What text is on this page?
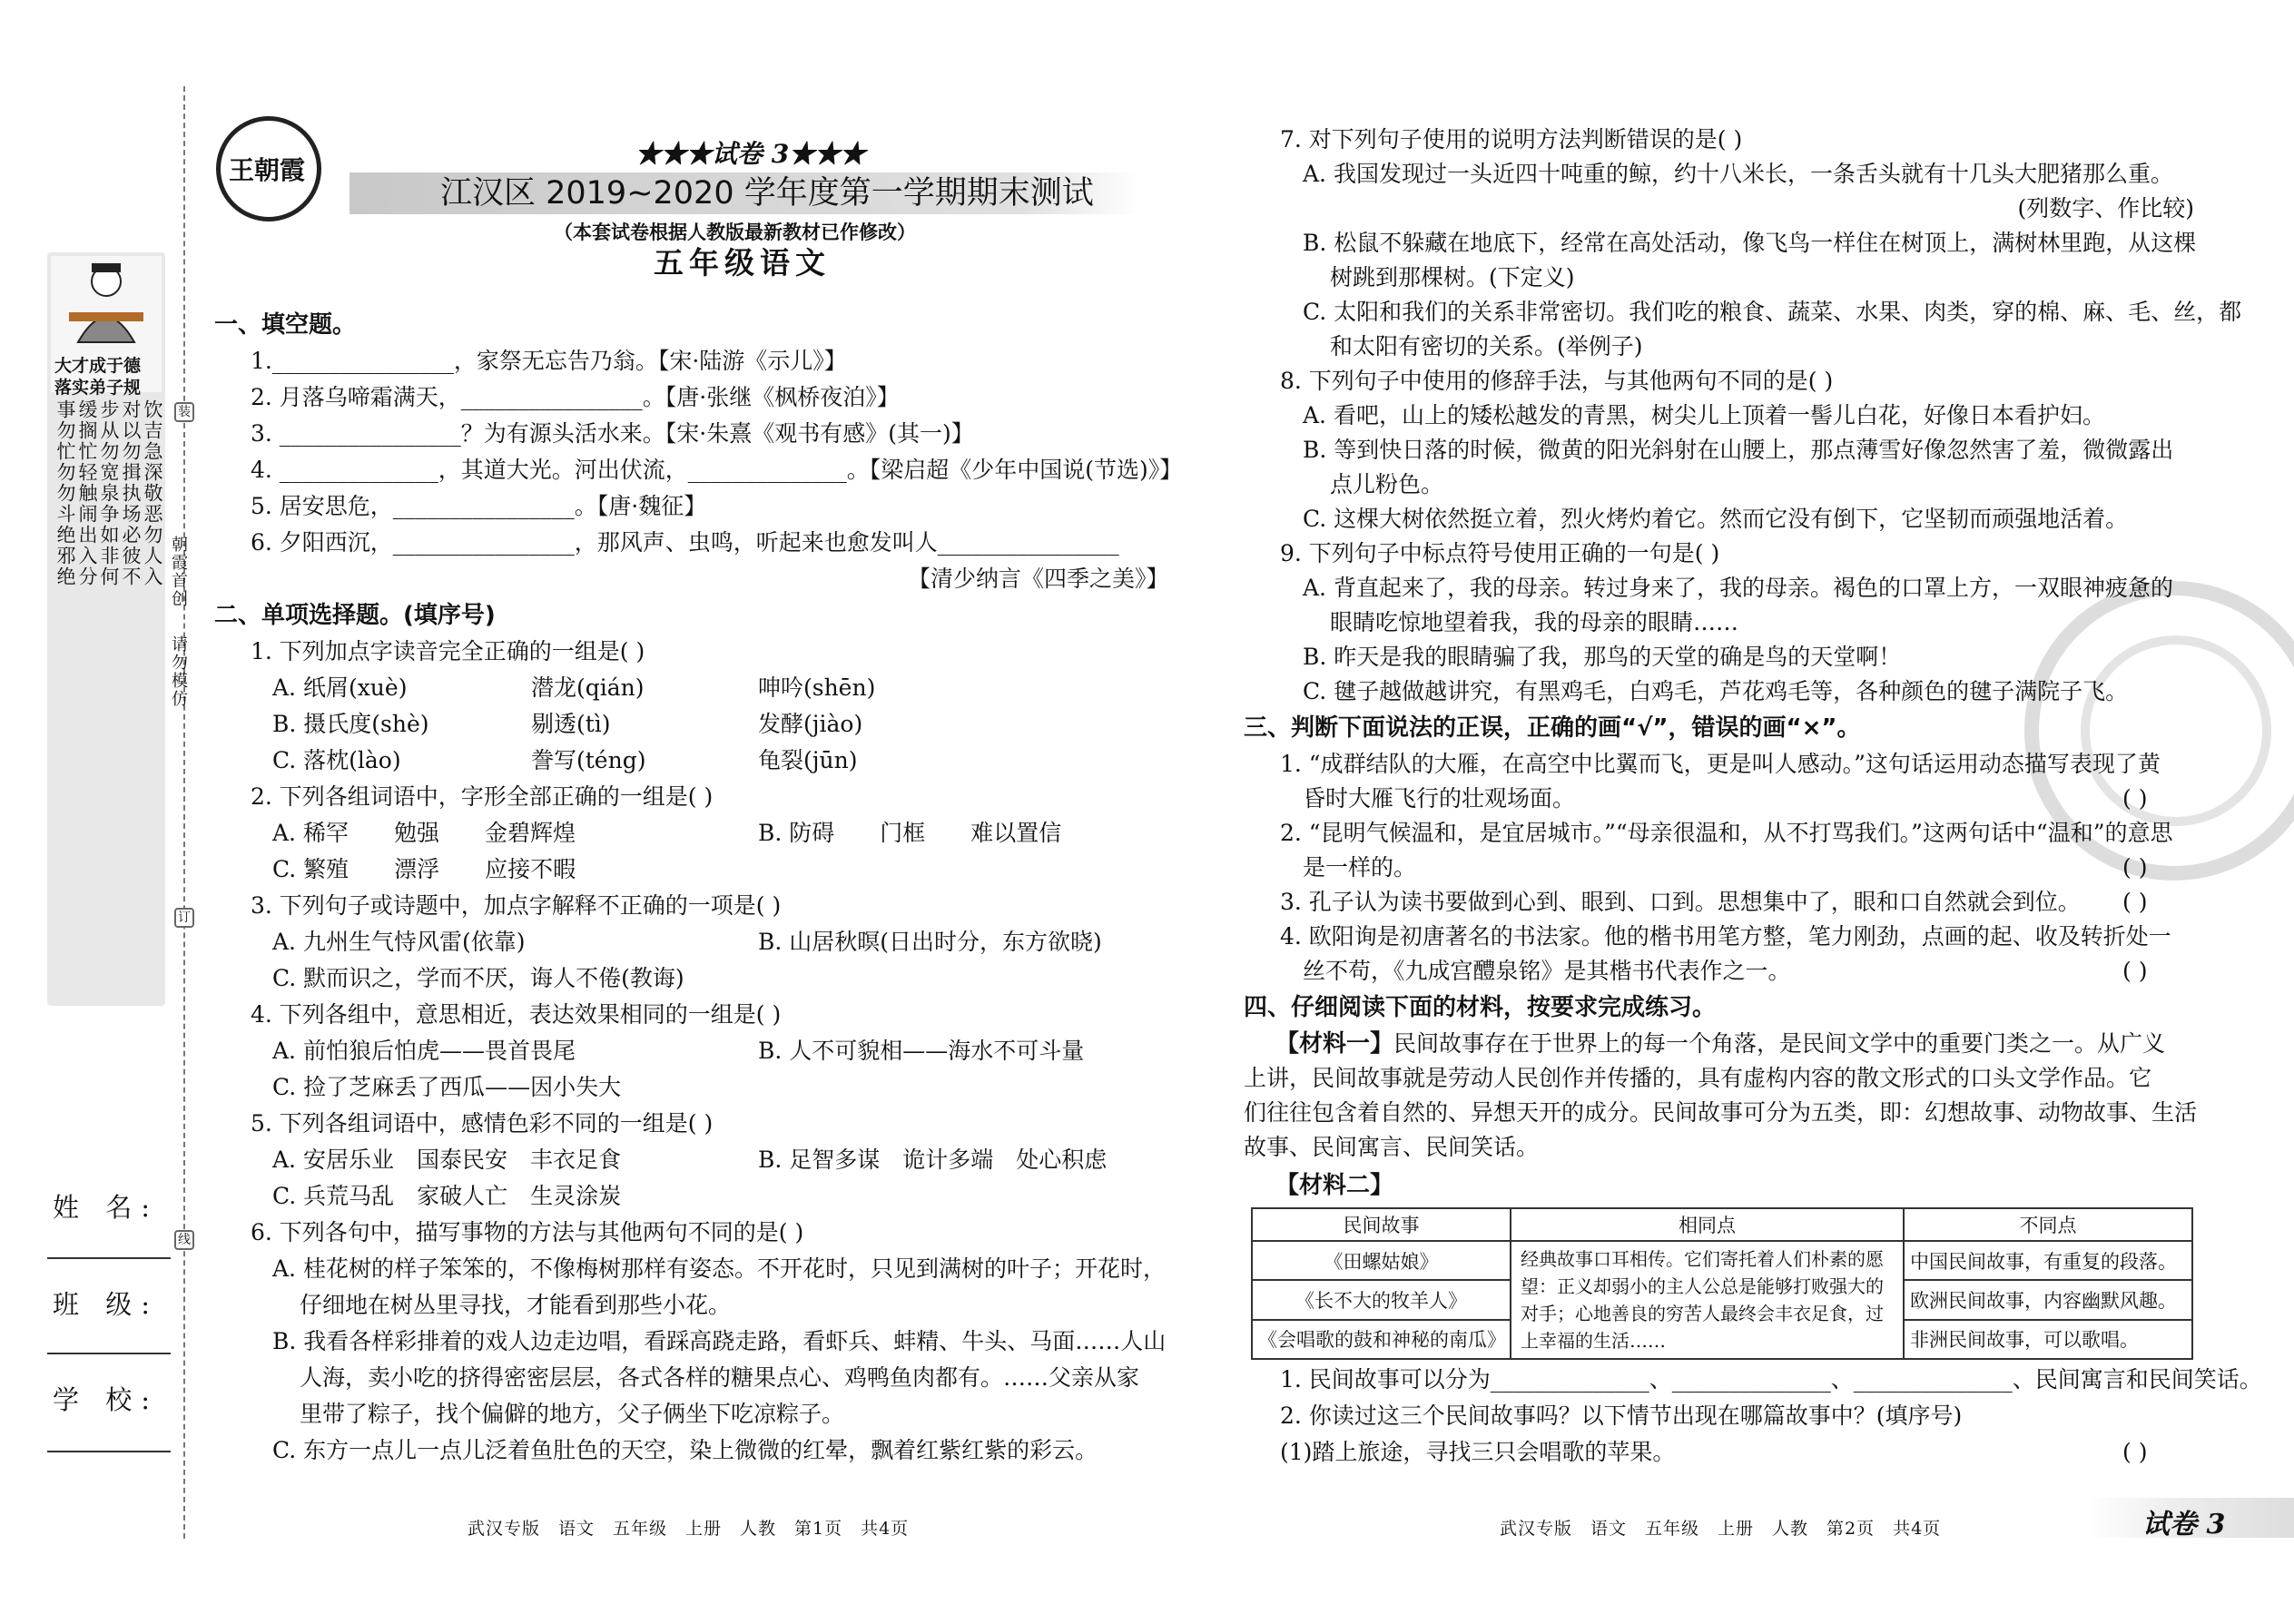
大才成于德
落实弟子规
事勿忙勿勿斗绝邪绝 缓搁忙轻触闹出入分 步从勿宽泉争如非何 对以勿揖执场必彼不 饮吉急深敬恶勿人入 装
订
线
朝霞首创
请勿模仿
姓 名:
班 级:
学 校:
王朝霞
★★★试卷 3★★★
江汉区 2019~2020 学年度第一学期期末测试
（本套试卷根据人教版最新教材已作修改）
五年级语文
一、填空题。
1.________________，家祭无忘告乃翁。【宋·陆游《示儿》】
2. 月落乌啼霜满天，________________。【唐·张继《枫桥夜泊》】
3. ________________？为有源头活水来。【宋·朱熹《观书有感》(其一)】
4. ______________，其道大光。河出伏流，______________。【梁启超《少年中国说(节选)》】
5. 居安思危，________________。【唐·魏征】
6. 夕阳西沉，________________，那风声、虫鸣，听起来也愈发叫人________________
【清少纳言《四季之美》】
二、单项选择题。(填序号)
1. 下列加点字读音完全正确的一组是( )
A. 纸屑(xuè)	潜龙(qián)	呻吟(shēn)
B. 摄氏度(shè)	剔透(tì)	发酵(jiào)
C. 落枕(lào)	誊写(téng)	龟裂(jūn)
2. 下列各组词语中，字形全部正确的一组是( )
A. 稀罕　　勉强　　金碧辉煌	B. 防碍　　门框　　难以置信
C. 繁殖　　漂浮　　应接不暇
3. 下列句子或诗题中，加点字解释不正确的一项是( )
A. 九州生气恃风雷(依靠)	B. 山居秋暝(日出时分，东方欲晓)
C. 默而识之，学而不厌，诲人不倦(教诲)
4. 下列各组中，意思相近，表达效果相同的一组是( )
A. 前怕狼后怕虎——畏首畏尾	B. 人不可貌相——海水不可斗量
C. 捡了芝麻丢了西瓜——因小失大
5. 下列各组词语中，感情色彩不同的一组是( )
A. 安居乐业　国泰民安　丰衣足食	B. 足智多谋　诡计多端　处心积虑
C. 兵荒马乱　家破人亡　生灵涂炭
6. 下列各句中，描写事物的方法与其他两句不同的是( )
A. 桂花树的样子笨笨的，不像梅树那样有姿态。不开花时，只见到满树的叶子；开花时，
仔细地在树丛里寻找，才能看到那些小花。
B. 我看各样彩排着的戏人边走边唱，看踩高跷走路，看虾兵、蚌精、牛头、马面……人山
人海，卖小吃的挤得密密层层，各式各样的糖果点心、鸡鸭鱼肉都有。……父亲从家
里带了粽子，找个偏僻的地方，父子俩坐下吃凉粽子。
C. 东方一点儿一点儿泛着鱼肚色的天空，染上微微的红晕，飘着红紫红紫的彩云。
7. 对下列句子使用的说明方法判断错误的是( )
A. 我国发现过一头近四十吨重的鲸，约十八米长，一条舌头就有十几头大肥猪那么重。
(列数字、作比较)
B. 松鼠不躲藏在地底下，经常在高处活动，像飞鸟一样住在树顶上，满树林里跑，从这棵
树跳到那棵树。(下定义)
C. 太阳和我们的关系非常密切。我们吃的粮食、蔬菜、水果、肉类，穿的棉、麻、毛、丝，都
和太阳有密切的关系。(举例子)
8. 下列句子中使用的修辞手法，与其他两句不同的是( )
A. 看吧，山上的矮松越发的青黑，树尖儿上顶着一髻儿白花，好像日本看护妇。
B. 等到快日落的时候，微黄的阳光斜射在山腰上，那点薄雪好像忽然害了羞，微微露出
点儿粉色。
C. 这棵大树依然挺立着，烈火烤灼着它。然而它没有倒下，它坚韧而顽强地活着。
9. 下列句子中标点符号使用正确的一句是( )
A. 背直起来了，我的母亲。转过身来了，我的母亲。褐色的口罩上方，一双眼神疲惫的
眼睛吃惊地望着我，我的母亲的眼睛……
B. 昨天是我的眼睛骗了我，那鸟的天堂的确是鸟的天堂啊！
C. 毽子越做越讲究，有黑鸡毛，白鸡毛，芦花鸡毛等，各种颜色的毽子满院子飞。
三、判断下面说法的正误，正确的画“√”，错误的画“×”。
1. “成群结队的大雁，在高空中比翼而飞，更是叫人感动。”这句话运用动态描写表现了黄
昏时大雁飞行的壮观场面。	( )
2. “昆明气候温和，是宜居城市。”“母亲很温和，从不打骂我们。”这两句话中“温和”的意思
是一样的。	( )
3. 孔子认为读书要做到心到、眼到、口到。思想集中了，眼和口自然就会到位。 ( )
4. 欧阳询是初唐著名的书法家。他的楷书用笔方整，笔力刚劲，点画的起、收及转折处一
丝不苟，《九成宫醴泉铭》是其楷书代表作之一。	( )
四、仔细阅读下面的材料，按要求完成练习。
【材料一】 民间故事存在于世界上的每一个角落，是民间文学中的重要门类之一。从广义
上讲，民间故事就是劳动人民创作并传播的，具有虚构内容的散文形式的口头文学作品。它
们往往包含着自然的、异想天开的成分。民间故事可分为五类，即：幻想故事、动物故事、生活
故事、民间寓言、民间笑话。
【材料二】
民间故事	相同点	不同点
《田螺姑娘》	经典故事口耳相传。它们寄托着人们朴素的愿望：正义却弱小的主人公总是能够打败强大的对手；心地善良的穷苦人最终会丰衣足食，过上幸福的生活……	中国民间故事，有重复的段落。
《长不大的牧羊人》		欧洲民间故事，内容幽默风趣。
《会唱歌的鼓和神秘的南瓜》		非洲民间故事，可以歌唱。
1. 民间故事可以分为______________、______________、______________、民间寓言和民间笑话。
2. 你读过这三个民间故事吗？以下情节出现在哪篇故事中？(填序号)
(1)踏上旅途，寻找三只会唱歌的苹果。	( )
武汉专版　语文　五年级　上册　人教　第1页　共4页	武汉专版　语文　五年级　上册　人教　第2页　共4页	试卷 3
